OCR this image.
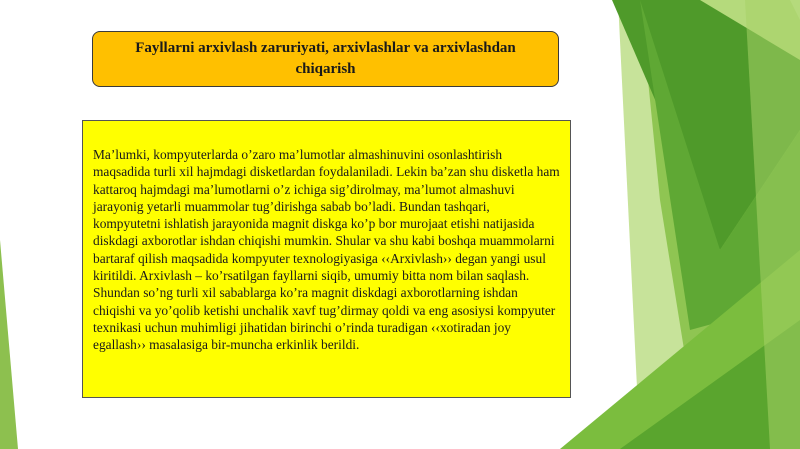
Fayllarni arxivlash zaruriyati, arxivlashlar va arxivlashdan chiqarish

Ma’lumki, kompyuterlarda o’zaro ma’lumotlar almashinuvini osonlashtirish maqsadida turli xil hajmdagi disketlardan foydalaniladi. Lekin ba’zan shu disketla ham kattaroq hajmdagi ma’lumotlarni o’z ichiga sig’dirolmay, ma’lumot almashuvi jarayonig yetarli muammolar tug’dirishga sabab bo’ladi. Bundan tashqari, kompyutetni ishlatish jarayonida magnit diskga ko’p bor murojaat etishi natijasida diskdagi axborotlar ishdan chiqishi mumkin. Shular va shu kabi boshqa muammolarni bartaraf qilish maqsadida kompyuter texnologiyasiga ‹‹Arxivlash›› degan yangi usul kiritildi. Arxivlash – ko’rsatilgan fayllarni siqib, umumiy bitta nom bilan saqlash. Shundan so’ng turli xil sabablarga ko’ra magnit diskdagi axborotlarning ishdan chiqishi va yo’qolib ketishi unchalik xavf tug’dirmay qoldi va eng asosiysi kompyuter texnikasi uchun muhimligi jihatidan birinchi o’rinda turadigan ‹‹xotiradan joy egallash›› masalasiga bir-muncha erkinlik berildi.
